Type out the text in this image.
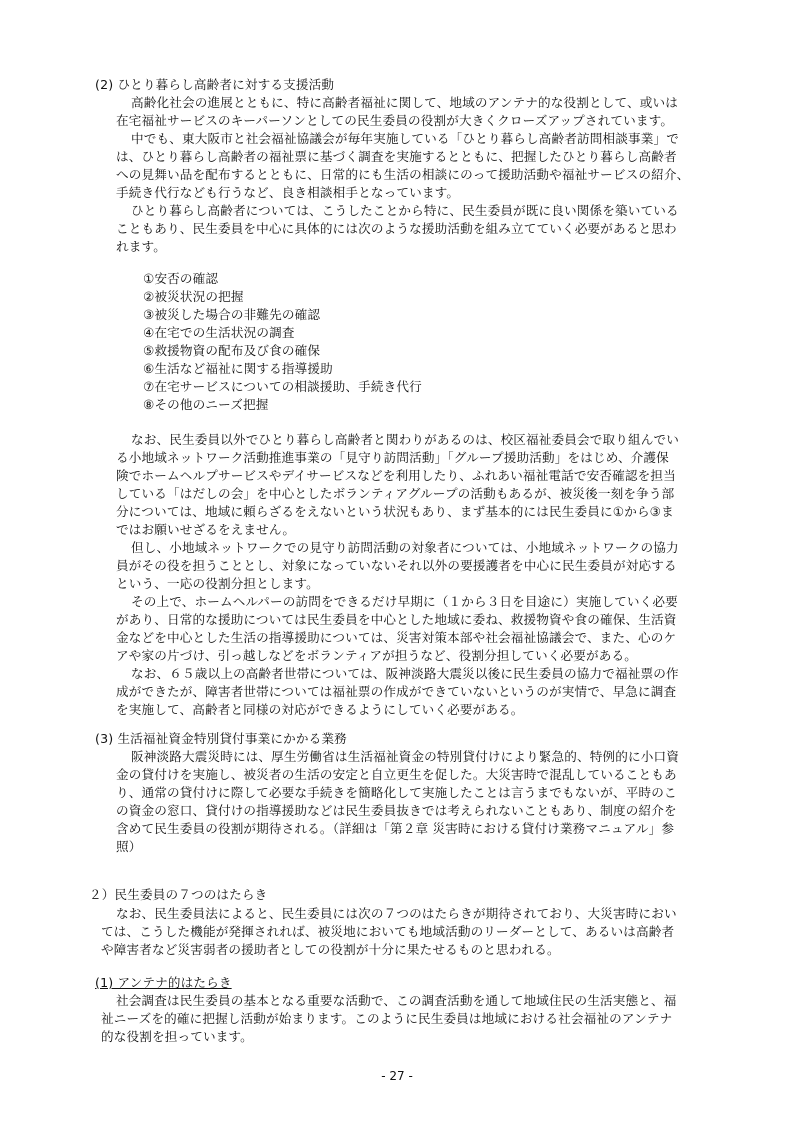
(2) ひとり暮らし高齢者に対する支援活動
高齢化社会の進展とともに、特に高齢者福祉に関して、地域のアンテナ的な役割として、或いは
在宅福祉サービスのキーパーソンとしての民生委員の役割が大きくクローズアップされています。
中でも、東大阪市と社会福祉協議会が毎年実施している「ひとり暮らし高齢者訪問相談事業」で
は、ひとり暮らし高齢者の福祉票に基づく調査を実施するとともに、把握したひとり暮らし高齢者
への見舞い品を配布するとともに、日常的にも生活の相談にのって援助活動や福祉サービスの紹介、
手続き代行なども行うなど、良き相談相手となっています。
ひとり暮らし高齢者については、こうしたことから特に、民生委員が既に良い関係を築いている
こともあり、民生委員を中心に具体的には次のような援助活動を組み立てていく必要があると思わ
れます。
①安否の確認
②被災状況の把握
③被災した場合の非難先の確認
④在宅での生活状況の調査
⑤救援物資の配布及び食の確保
⑥生活など福祉に関する指導援助
⑦在宅サービスについての相談援助、手続き代行
⑧その他のニーズ把握
なお、民生委員以外でひとり暮らし高齢者と関わりがあるのは、校区福祉委員会で取り組んでい
る小地域ネットワーク活動推進事業の「見守り訪問活動」「グループ援助活動」をはじめ、介護保
険でホームヘルプサービスやデイサービスなどを利用したり、ふれあい福祉電話で安否確認を担当
している「はだしの会」を中心としたボランティアグループの活動もあるが、被災後一刻を争う部
分については、地域に頼らざるをえないという状況もあり、まず基本的には民生委員に①から③ま
ではお願いせざるをえません。
但し、小地域ネットワークでの見守り訪問活動の対象者については、小地域ネットワークの協力
員がその役を担うこととし、対象になっていないそれ以外の要援護者を中心に民生委員が対応する
という、一応の役割分担とします。
その上で、ホームヘルパーの訪問をできるだけ早期に（１から３日を目途に）実施していく必要
があり、日常的な援助については民生委員を中心とした地域に委ね、救援物資や食の確保、生活資
金などを中心とした生活の指導援助については、災害対策本部や社会福祉協議会で、また、心のケ
アや家の片づけ、引っ越しなどをボランティアが担うなど、役割分担していく必要がある。
なお、６５歳以上の高齢者世帯については、阪神淡路大震災以後に民生委員の協力で福祉票の作
成ができたが、障害者世帯については福祉票の作成ができていないというのが実情で、早急に調査
を実施して、高齢者と同様の対応ができるようにしていく必要がある。
(3) 生活福祉資金特別貸付事業にかかる業務
阪神淡路大震災時には、厚生労働省は生活福祉資金の特別貸付けにより緊急的、特例的に小口資
金の貸付けを実施し、被災者の生活の安定と自立更生を促した。大災害時で混乱していることもあ
り、通常の貸付けに際して必要な手続きを簡略化して実施したことは言うまでもないが、平時のこ
の資金の窓口、貸付けの指導援助などは民生委員抜きでは考えられないこともあり、制度の紹介を
含めて民生委員の役割が期待される。（詳細は「第２章 災害時における貸付け業務マニュアル」参
照）
２）民生委員の７つのはたらき
なお、民生委員法によると、民生委員には次の７つのはたらきが期待されており、大災害時におい
ては、こうした機能が発揮されれば、被災地においても地域活動のリーダーとして、あるいは高齢者
や障害者など災害弱者の援助者としての役割が十分に果たせるものと思われる。
(1) アンテナ的はたらき
社会調査は民生委員の基本となる重要な活動で、この調査活動を通して地域住民の生活実態と、福
祉ニーズを的確に把握し活動が始まります。このように民生委員は地域における社会福祉のアンテナ
的な役割を担っています。
- 27 -
